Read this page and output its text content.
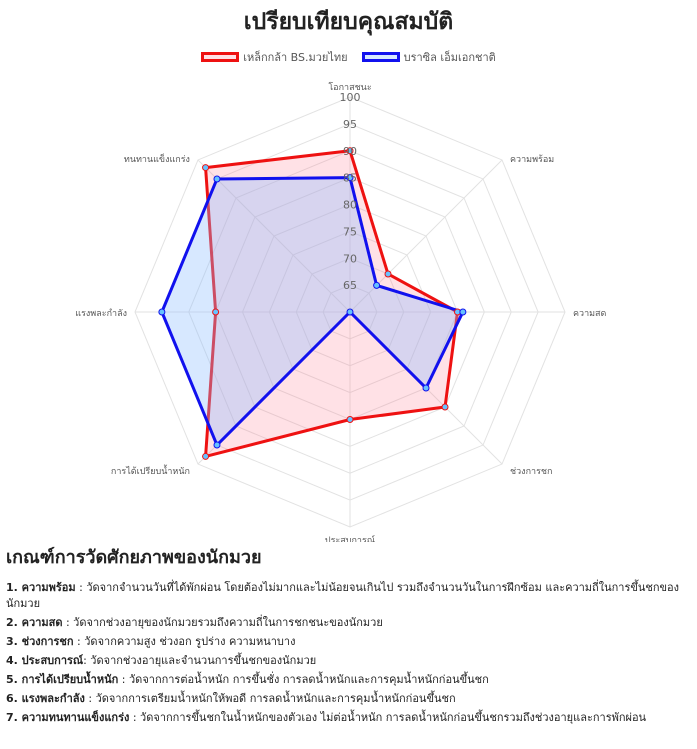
เปรียบเทียบคุณสมบัติ
เหล็กกล้า BS.มวยไทย	บราซิล เอ็มเอกชาติ
65
70
75
80
85
90
95
100
โอกาสชนะ
ความพร้อม
ความสด
ช่วงการชก
ประสบการณ์
การได้เปรียบน้ำหนัก
แรงพละกำลัง
ทนทานแข็งแกร่ง
เกณฑ์การวัดศักยภาพของนักมวย
1. ความพร้อม : วัดจากจำนวนวันที่ได้พักผ่อน โดยต้องไม่มากและไม่น้อยจนเกินไป รวมถึงจำนวนวันในการฝึกซ้อม และความถี่ในการขึ้นชกของนักมวย
2. ความสด : วัดจากช่วงอายุของนักมวยรวมถึงความถี่ในการชกชนะของนักมวย
3. ช่วงการชก : วัดจากความสูง ช่วงอก รูปร่าง ความหนาบาง
4. ประสบการณ์: วัดจากช่วงอายุและจำนวนการขึ้นชกของนักมวย
5. การได้เปรียบน้ำหนัก : วัดจากการต่อน้ำหนัก การขึ้นชั่ง การลดน้ำหนักและการคุมน้ำหนักก่อนขึ้นชก
6. แรงพละกำลัง : วัดจากการเตรียมน้ำหนักให้พอดี การลดน้ำหนักและการคุมน้ำหนักก่อนขึ้นชก
7. ความทนทานแข็งแกร่ง : วัดจากการขึ้นชกในน้ำหนักของตัวเอง ไม่ต่อน้ำหนัก การลดน้ำหนักก่อนขึ้นชกรวมถึงช่วงอายุและการพักผ่อน
